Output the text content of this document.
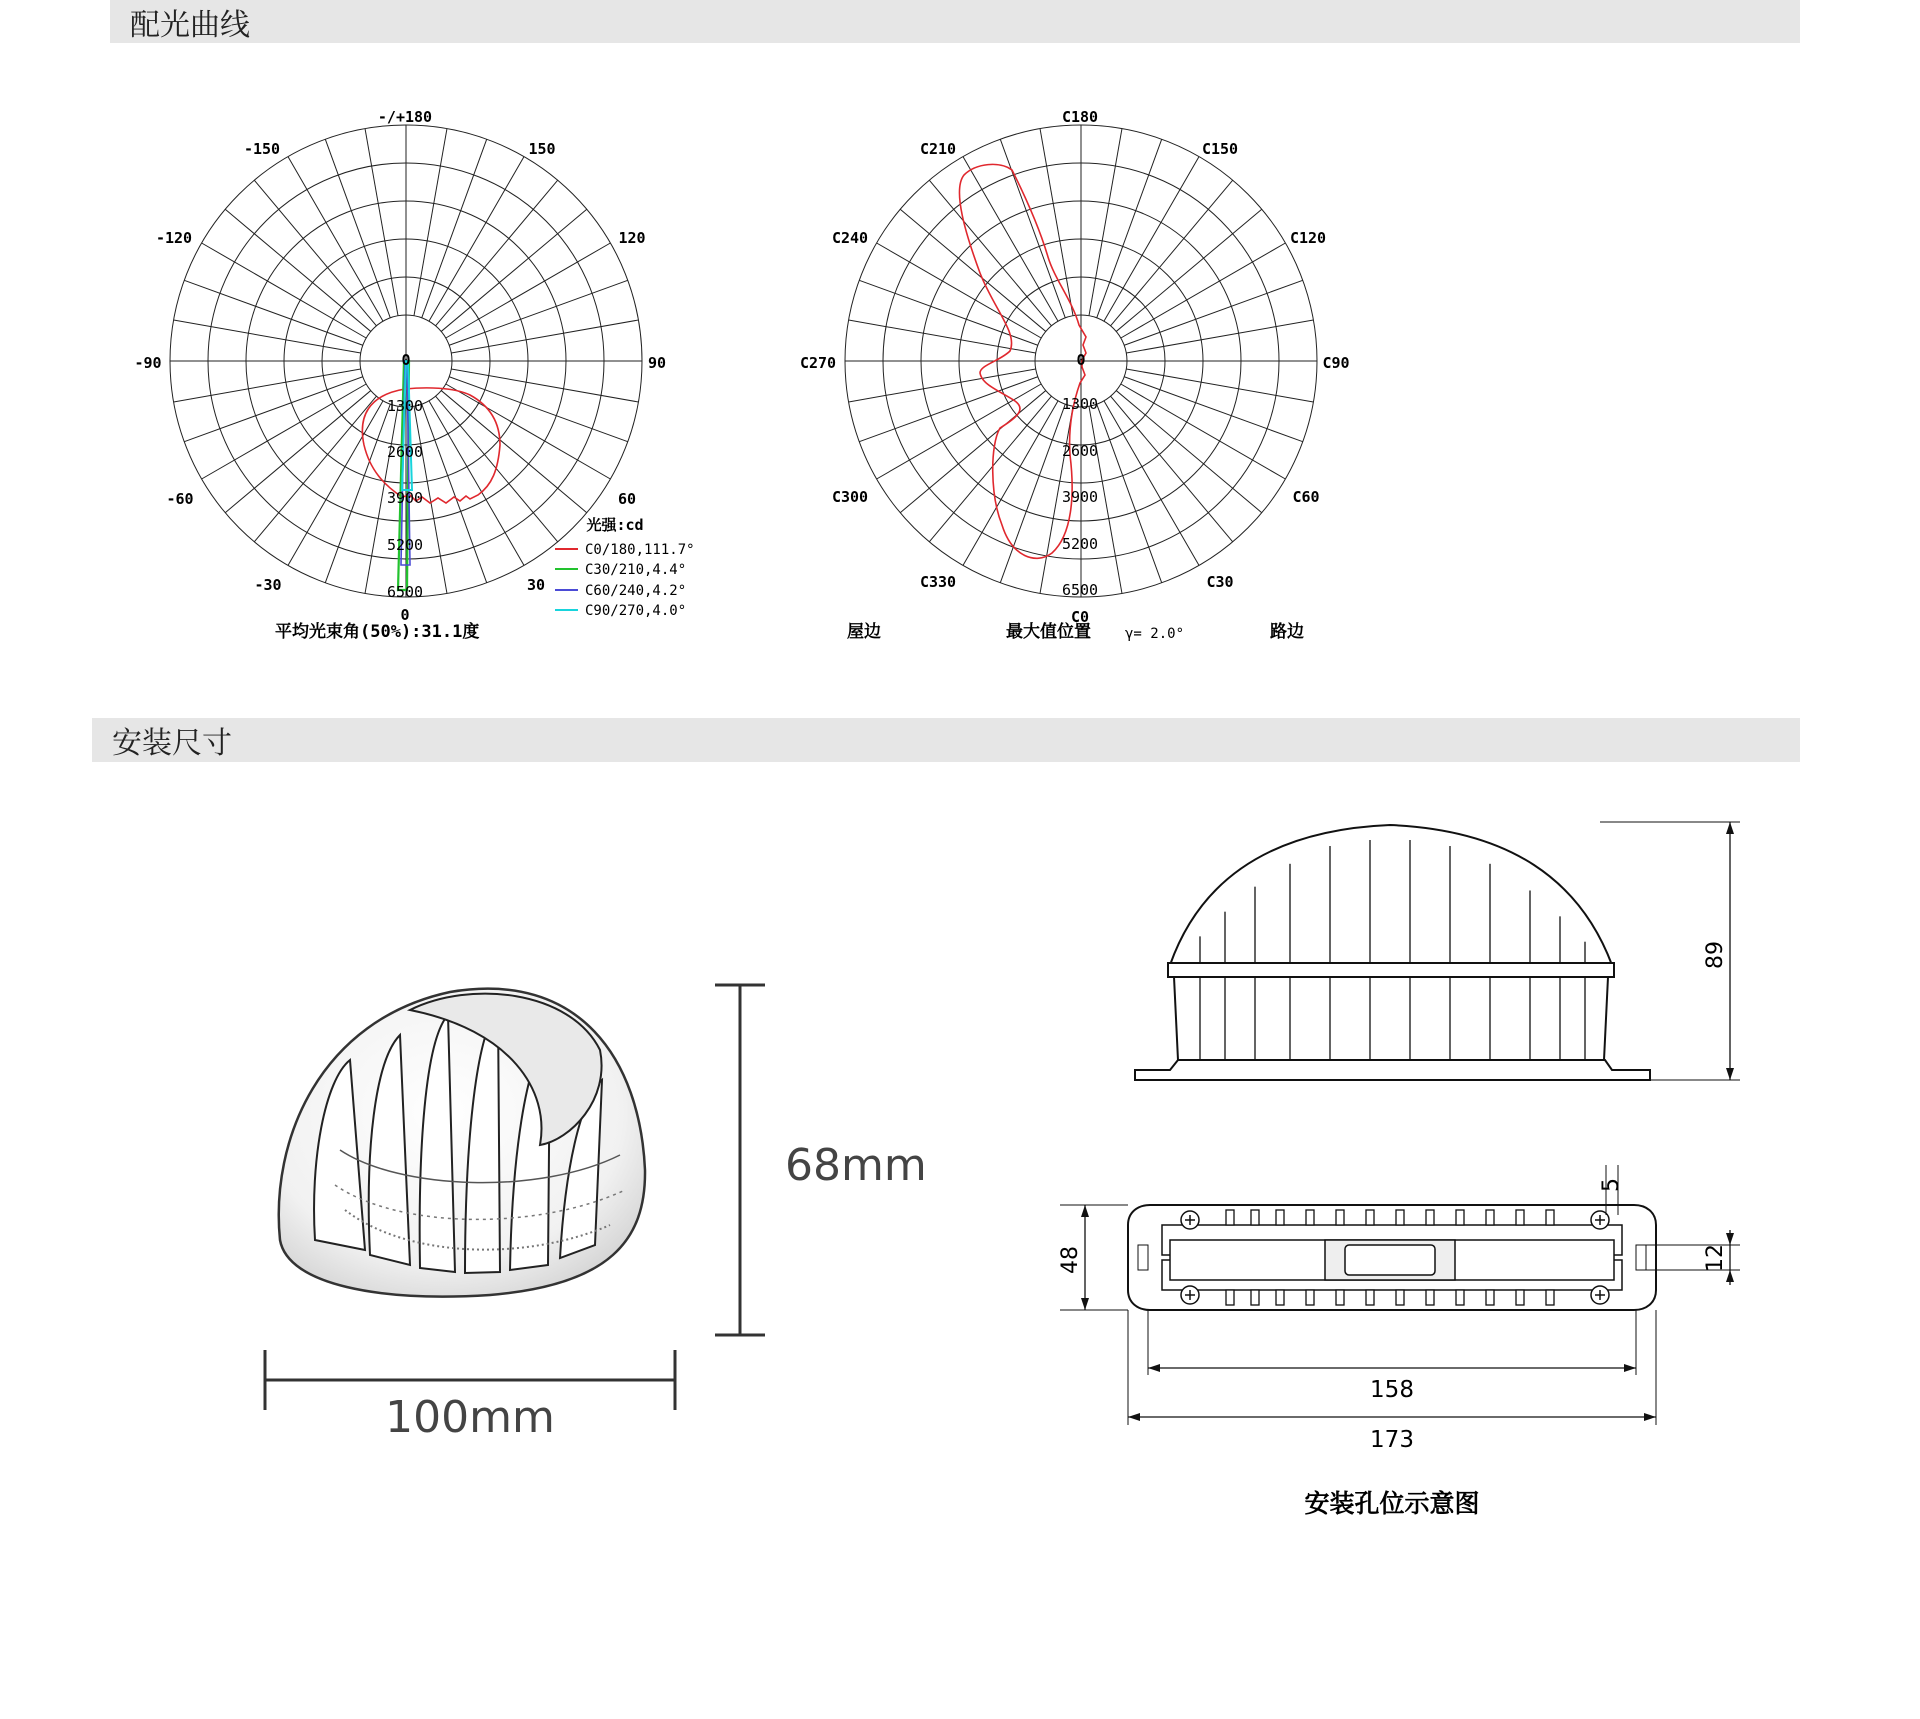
配光曲线
安装尺寸
-/+180
-150	150
-120	120
-90	90
-60	60
-30	30
0
0
1300
2600
3900
5200
6500
光强:cd
C0/180,111.7°
C30/210,4.4°
C60/240,4.2°
C90/270,4.0°
平均光束角(50%):31.1度
C180
C210	C150
C240	C120
C270	C90
C300	C60
C330	C30
C0
0
1300
2600
3900
5200
6500
屋边	最大值位置 γ= 2.0°	路边
68mm
100mm
89
48	12
5
158
173
安装孔位示意图
